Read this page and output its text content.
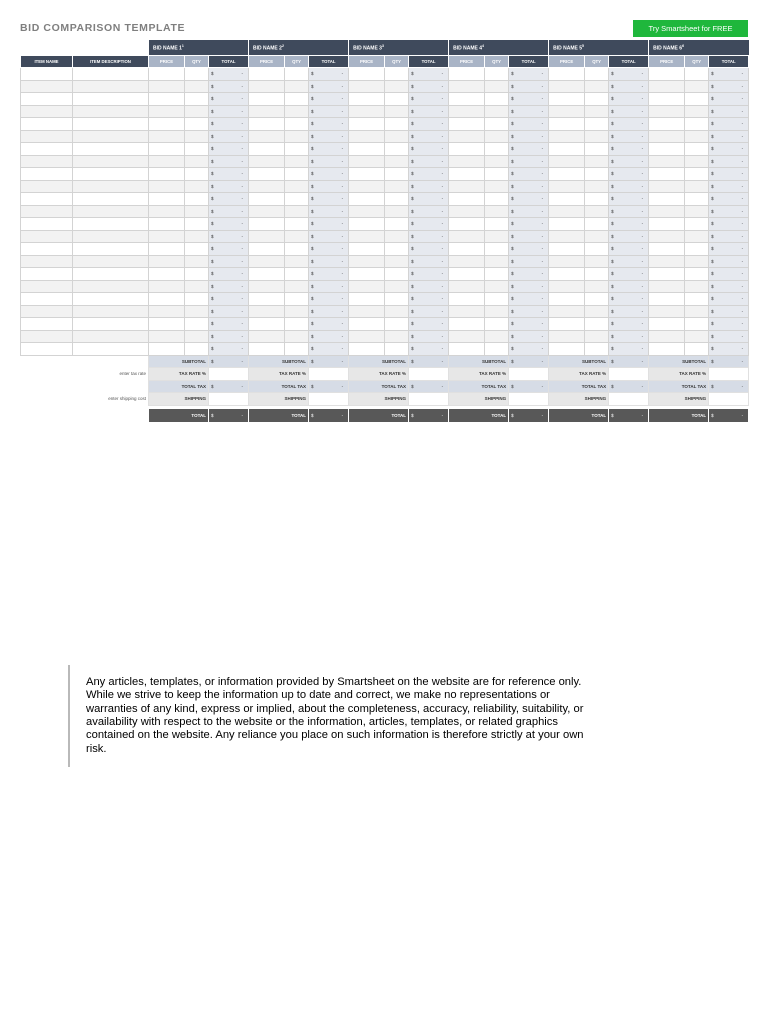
BID COMPARISON TEMPLATE	Try Smartsheet for FREE
		BID NAME $1^1$			BID NAME $2^2$			BID NAME $3^3$			BID NAME $4^4$			BID NAME $5^5$			BID NAME $6^6$
ITEM NAME	ITEM DESCRIPTION	PRICE	QTY	TOTAL	PRICE	QTY	TOTAL	PRICE	QTY	TOTAL	PRICE	QTY	TOTAL	PRICE	QTY	TOTAL	PRICE	QTY	TOTAL

				$ -			$ -			$ -			$ -			$ -			$ -

				$ -			$ -			$ -			$ -			$ -			$ -

				$ -			$ -			$ -			$ -			$ -			$ -

				$ -			$ -			$ -			$ -			$ -			$ -

				$ -			$ -			$ -			$ -			$ -			$ -

				$ -			$ -			$ -			$ -			$ -			$ -

				$ -			$ -			$ -			$ -			$ -			$ -

				$ -			$ -			$ -			$ -			$ -			$ -

				$ -			$ -			$ -			$ -			$ -			$ -

				$ -			$ -			$ -			$ -			$ -			$ -

				$ -			$ -			$ -			$ -			$ -			$ -

				$ -			$ -			$ -			$ -			$ -			$ -

				$ -			$ -			$ -			$ -			$ -			$ -

				$ -			$ -			$ -			$ -			$ -			$ -

				$ -			$ -			$ -			$ -			$ -			$ -

				$ -			$ -			$ -			$ -			$ -			$ -

				$ -			$ -			$ -			$ -			$ -			$ -

				$ -			$ -			$ -			$ -			$ -			$ -

				$ -			$ -			$ -			$ -			$ -			$ -

				$ -			$ -			$ -			$ -			$ -			$ -

				$ -			$ -			$ -			$ -			$ -			$ -

				$ -			$ -			$ -			$ -			$ -			$ -

				$ -			$ -			$ -			$ -			$ -			$ -

		SUBTOTAL		$ -	SUBTOTAL		$ -	SUBTOTAL		$ -	SUBTOTAL		$ -	SUBTOTAL		$ -	SUBTOTAL		$ -

enter tax rate		TAX RATE %			TAX RATE %			TAX RATE %			TAX RATE %			TAX RATE %			TAX RATE %		
		TOTAL TAX		$ -	TOTAL TAX		$ -	TOTAL TAX		$ -	TOTAL TAX		$ -	TOTAL TAX		$ -	TOTAL TAX		$ -

enter shipping cost		SHIPPING			SHIPPING			SHIPPING			SHIPPING			SHIPPING			SHIPPING		

		TOTAL		$ -	TOTAL		$ -	TOTAL		$ -	TOTAL		$ -	TOTAL		$ -	TOTAL		$ -

Any articles, templates, or information provided by Smartsheet on the website are for reference only. While we strive to keep the information up to date and correct, we make no representations or warranties of any kind, express or implied, about the completeness, accuracy, reliability, suitability, or availability with respect to the website or the information, articles, templates, or related graphics contained on the website. Any reliance you place on such information is therefore strictly at your own risk.
